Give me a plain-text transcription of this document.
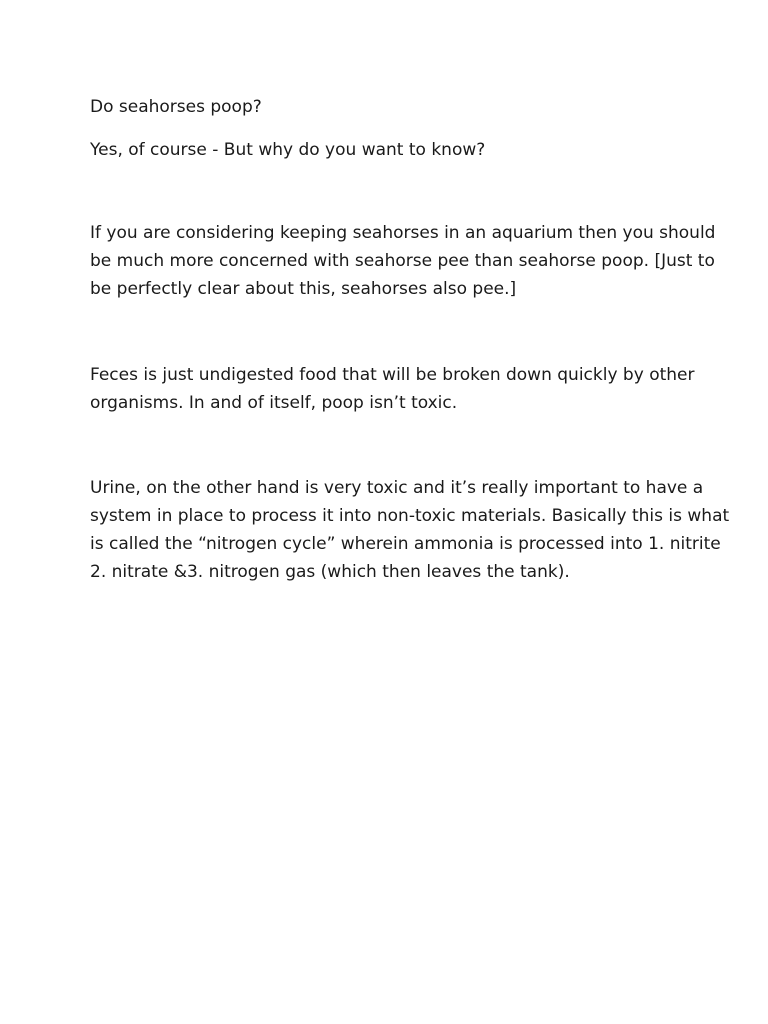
Do seahorses poop?

Yes, of course - But why do you want to know?

If you are considering keeping seahorses in an aquarium then you should be much more concerned with seahorse pee than seahorse poop. [Just to be perfectly clear about this, seahorses also pee.]

Feces is just undigested food that will be broken down quickly by other organisms. In and of itself, poop isn’t toxic.

Urine, on the other hand is very toxic and it’s really important to have a system in place to process it into non-toxic materials. Basically this is what is called the “nitrogen cycle” wherein ammonia is processed into 1. nitrite 2. nitrate &3. nitrogen gas (which then leaves the tank).
